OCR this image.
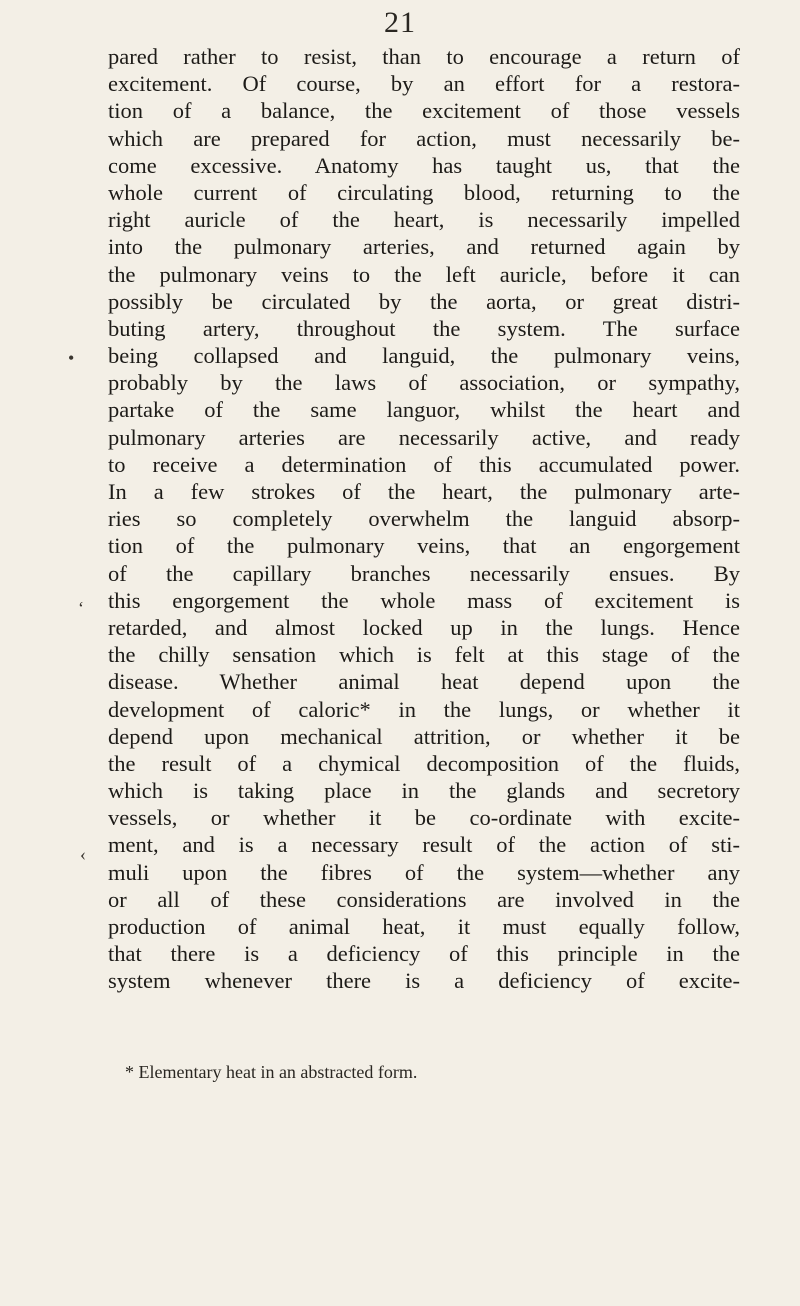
21
pared rather to resist, than to encourage a return of
excitement. Of course, by an effort for a restora-
tion of a balance, the excitement of those vessels
which are prepared for action, must necessarily be-
come excessive. Anatomy has taught us, that the
whole current of circulating blood, returning to the
right auricle of the heart, is necessarily impelled
into the pulmonary arteries, and returned again by
the pulmonary veins to the left auricle, before it can
possibly be circulated by the aorta, or great distri-
buting artery, throughout the system. The surface
being collapsed and languid, the pulmonary veins,
probably by the laws of association, or sympathy,
partake of the same languor, whilst the heart and
pulmonary arteries are necessarily active, and ready
to receive a determination of this accumulated power.
In a few strokes of the heart, the pulmonary arte-
ries so completely overwhelm the languid absorp-
tion of the pulmonary veins, that an engorgement
of the capillary branches necessarily ensues. By
this engorgement the whole mass of excitement is
retarded, and almost locked up in the lungs. Hence
the chilly sensation which is felt at this stage of the
disease. Whether animal heat depend upon the
development of caloric* in the lungs, or whether it
depend upon mechanical attrition, or whether it be
the result of a chymical decomposition of the fluids,
which is taking place in the glands and secretory
vessels, or whether it be co-ordinate with excite-
ment, and is a necessary result of the action of sti-
muli upon the fibres of the system—whether any
or all of these considerations are involved in the
production of animal heat, it must equally follow,
that there is a deficiency of this principle in the
system whenever there is a deficiency of excite-
•
‘
‹
* Elementary heat in an abstracted form.
